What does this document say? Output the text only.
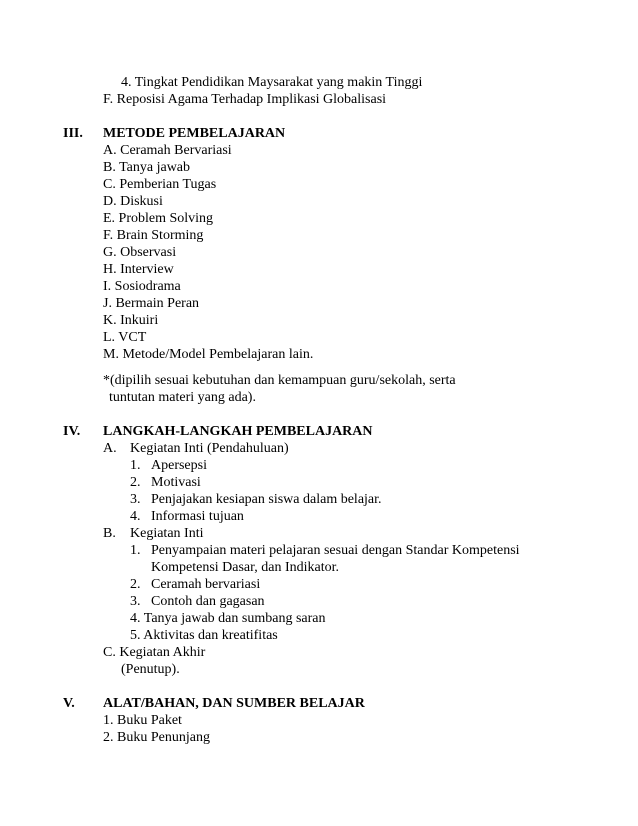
4. Tingkat Pendidikan Maysarakat yang makin Tinggi
F. Reposisi Agama Terhadap Implikasi Globalisasi
III. METODE PEMBELAJARAN
A. Ceramah Bervariasi
B. Tanya jawab
C. Pemberian Tugas
D. Diskusi
E. Problem Solving
F. Brain Storming
G. Observasi
H. Interview
I. Sosiodrama
J. Bermain Peran
K. Inkuiri
L. VCT
M. Metode/Model Pembelajaran lain.
*(dipilih sesuai kebutuhan dan kemampuan guru/sekolah, serta
tuntutan materi yang ada).
IV. LANGKAH-LANGKAH PEMBELAJARAN
A. Kegiatan Inti (Pendahuluan)
1. Apersepsi
2. Motivasi
3. Penjajakan kesiapan siswa dalam belajar.
4. Informasi tujuan
B. Kegiatan Inti
1. Penyampaian materi pelajaran sesuai dengan Standar Kompetensi
Kompetensi Dasar, dan Indikator.
2. Ceramah bervariasi
3. Contoh dan gagasan
4. Tanya jawab dan sumbang saran
5. Aktivitas dan kreatifitas
C. Kegiatan Akhir
(Penutup).
V. ALAT/BAHAN, DAN SUMBER BELAJAR
1. Buku Paket
2. Buku Penunjang
